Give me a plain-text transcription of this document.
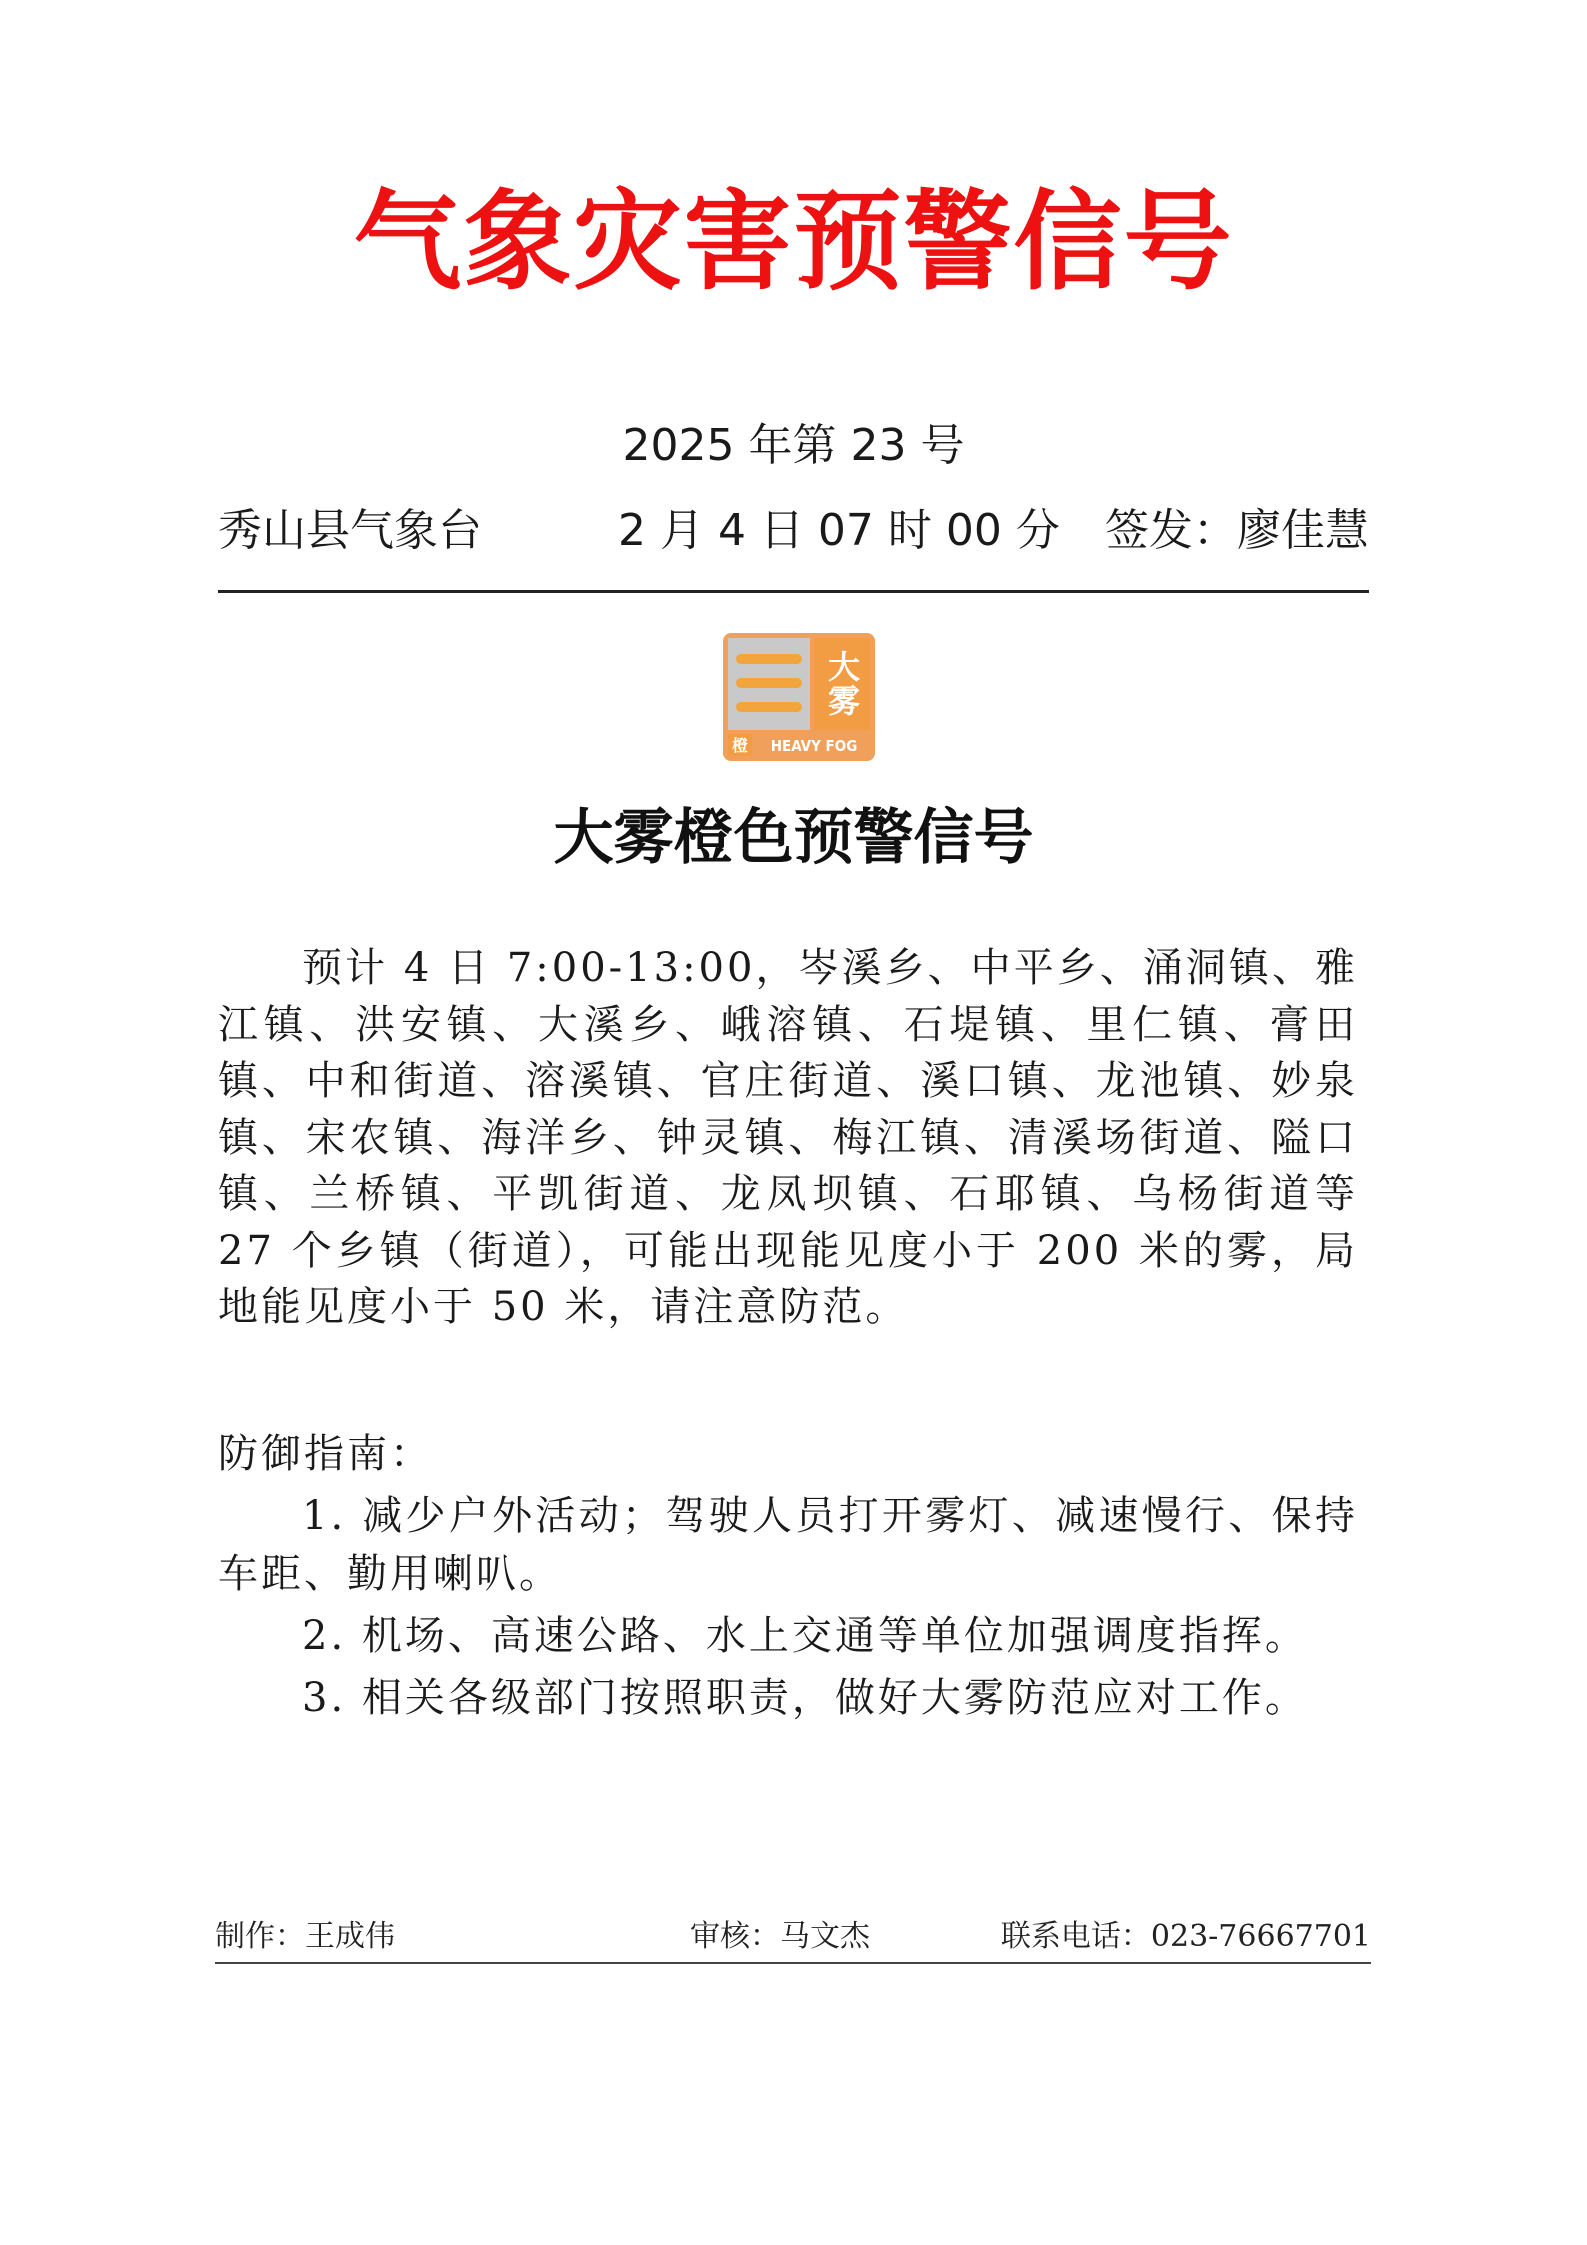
气象灾害预警信号
2025 年第 23 号
秀山县气象台	2 月 4 日 07 时 00 分 签发：廖佳慧
大雾
橙 HEAVY FOG
大雾橙色预警信号

预计 4 日 7:00-13:00，岑溪乡、中平乡、涌洞镇、雅江镇、洪安镇、大溪乡、峨溶镇、石堤镇、里仁镇、膏田镇、中和街道、溶溪镇、官庄街道、溪口镇、龙池镇、妙泉镇、宋农镇、海洋乡、钟灵镇、梅江镇、清溪场街道、隘口镇、兰桥镇、平凯街道、龙凤坝镇、石耶镇、乌杨街道等 27 个乡镇（街道），可能出现能见度小于 200 米的雾，局地能见度小于 50 米，请注意防范。

防御指南：

1. 减少户外活动；驾驶人员打开雾灯、减速慢行、保持车距、勤用喇叭。

2. 机场、高速公路、水上交通等单位加强调度指挥。

3. 相关各级部门按照职责，做好大雾防范应对工作。

制作：王成伟	审核：马文杰	联系电话：023-76667701
